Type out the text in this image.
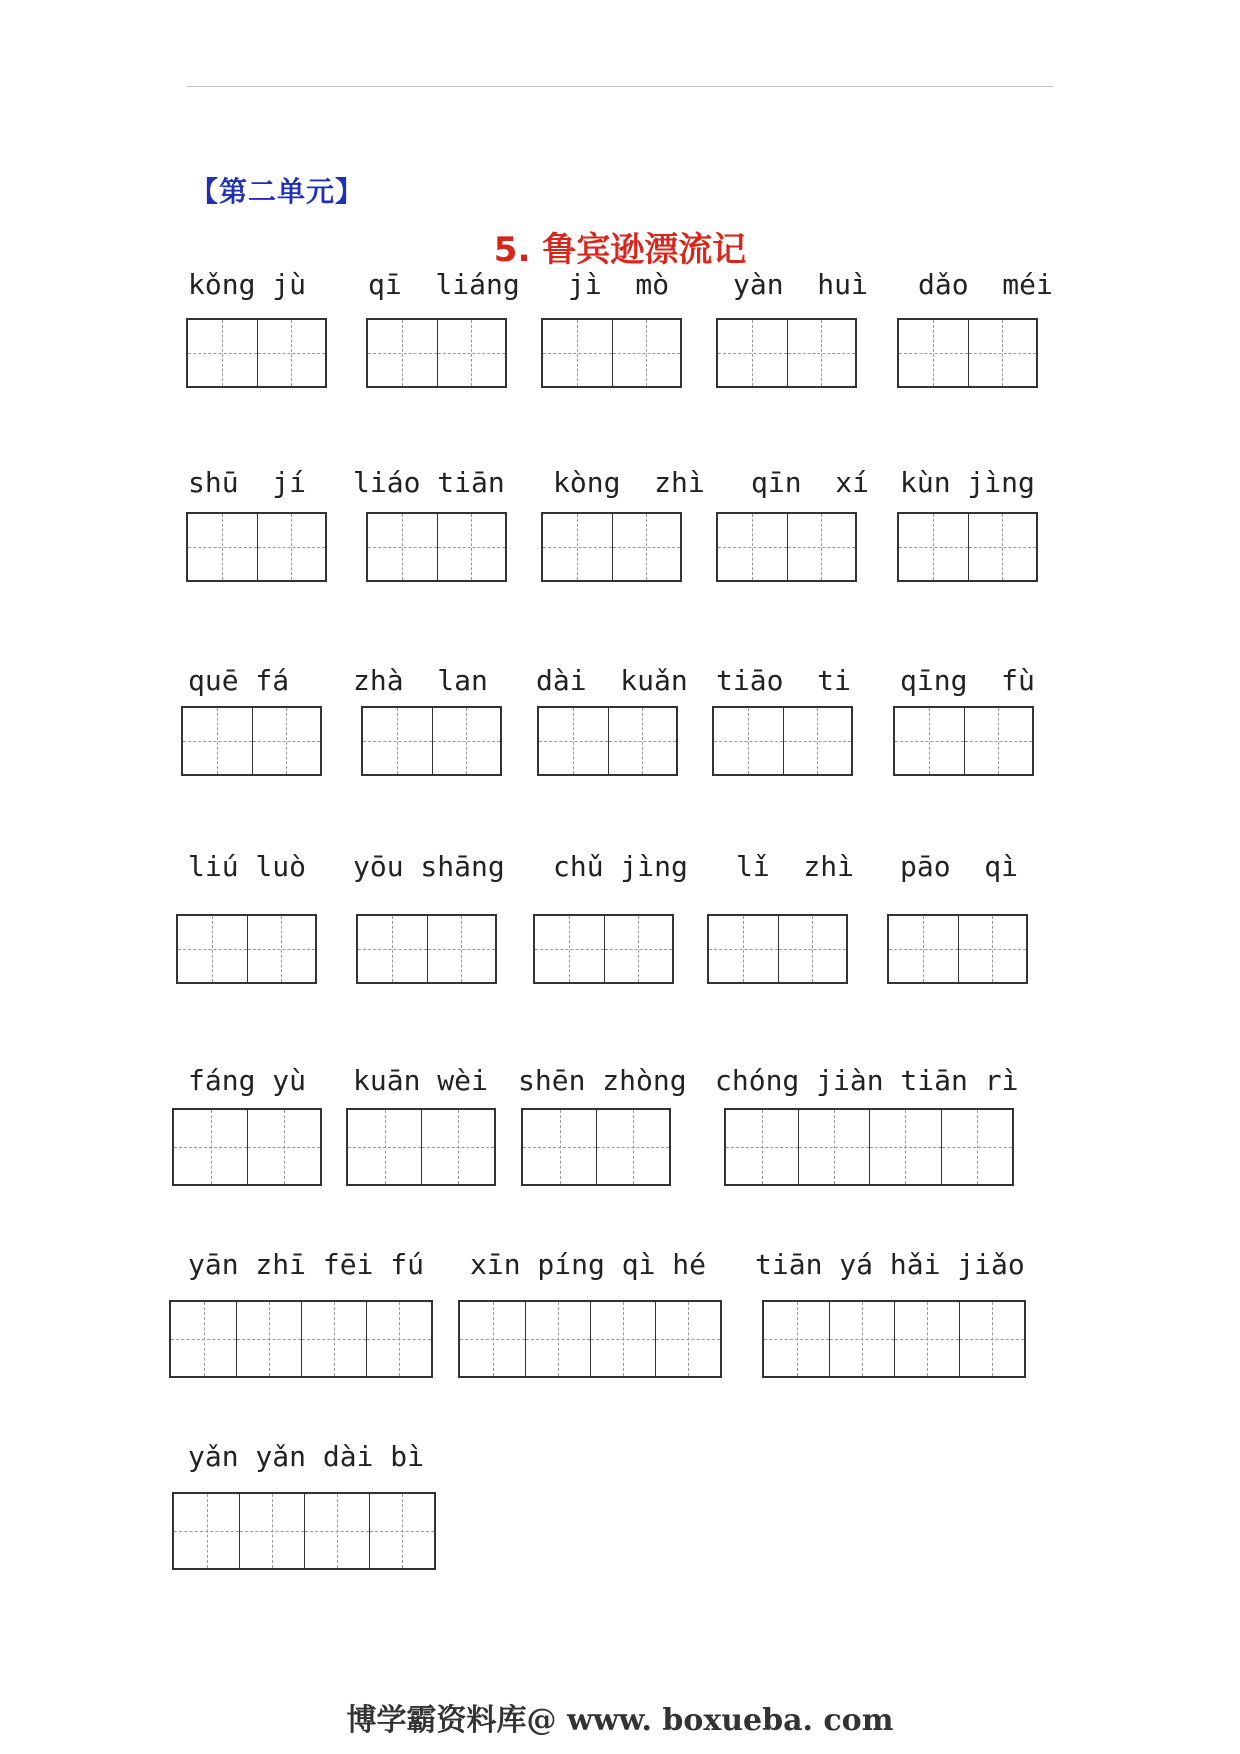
【第二单元】
5. 鲁宾逊漂流记
kǒng jù qī  liáng jì  mò yàn  huì dǎo  méi
shū  jí liáo tiān kòng  zhì qīn  xí kùn jìng
quē fá zhà  lan dài  kuǎn tiāo  ti qīng  fù
liú luò yōu shāng chǔ jìng lǐ  zhì pāo  qì
fáng yù kuān wèi shēn zhòng chóng jiàn tiān rì
yān zhī fēi fú xīn píng qì hé tiān yá hǎi jiǎo
yǎn yǎn dài bì
博学霸资料库@ www. boxueba. com
